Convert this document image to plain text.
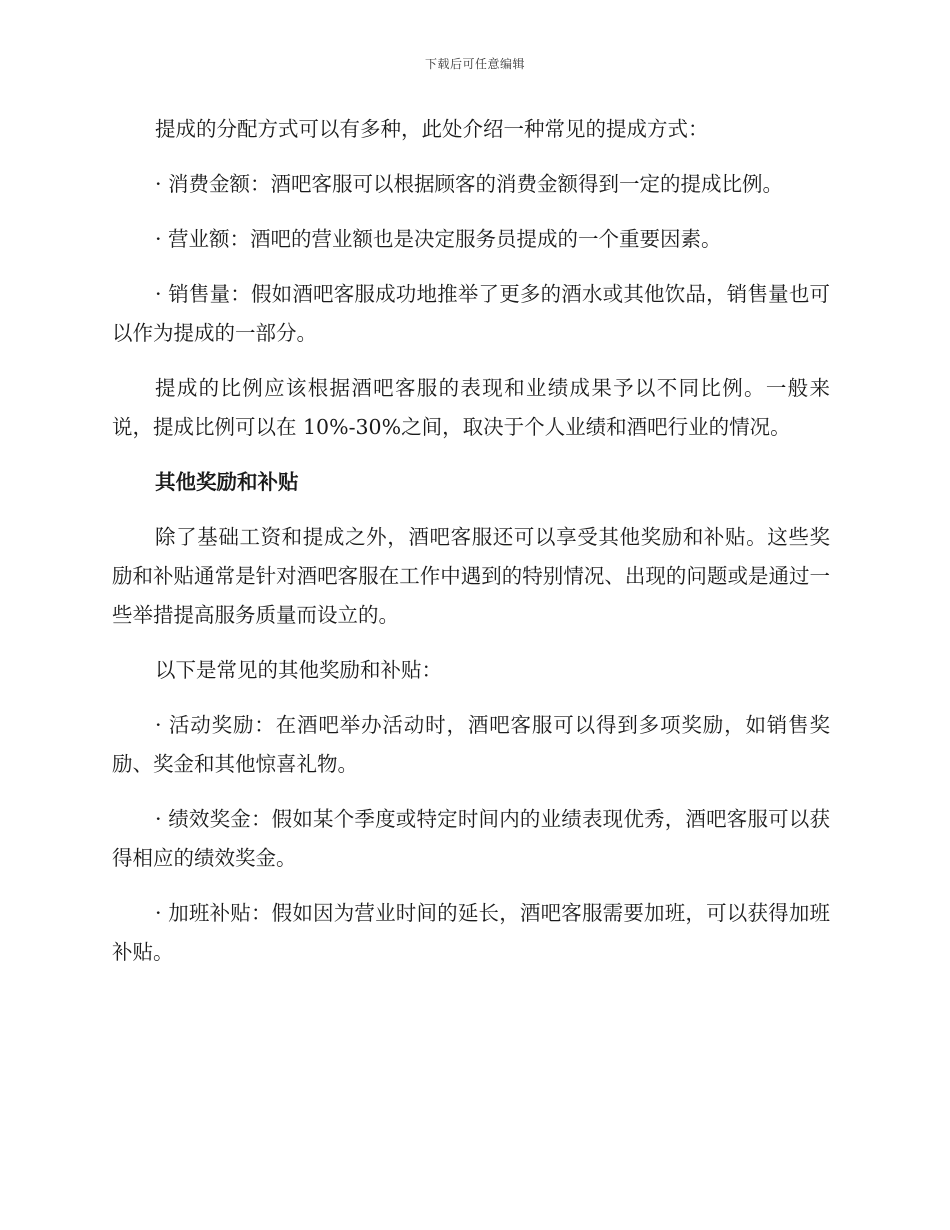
下载后可任意编辑

提成的分配方式可以有多种，此处介绍一种常见的提成方式：

· 消费金额：酒吧客服可以根据顾客的消费金额得到一定的提成比例。

· 营业额：酒吧的营业额也是决定服务员提成的一个重要因素。

· 销售量：假如酒吧客服成功地推举了更多的酒水或其他饮品，销售量也可以作为提成的一部分。

提成的比例应该根据酒吧客服的表现和业绩成果予以不同比例。一般来说，提成比例可以在 10%-30%之间，取决于个人业绩和酒吧行业的情况。

其他奖励和补贴

除了基础工资和提成之外，酒吧客服还可以享受其他奖励和补贴。这些奖励和补贴通常是针对酒吧客服在工作中遇到的特别情况、出现的问题或是通过一些举措提高服务质量而设立的。

以下是常见的其他奖励和补贴：

· 活动奖励：在酒吧举办活动时，酒吧客服可以得到多项奖励，如销售奖励、奖金和其他惊喜礼物。

· 绩效奖金：假如某个季度或特定时间内的业绩表现优秀，酒吧客服可以获得相应的绩效奖金。

· 加班补贴：假如因为营业时间的延长，酒吧客服需要加班，可以获得加班补贴。
